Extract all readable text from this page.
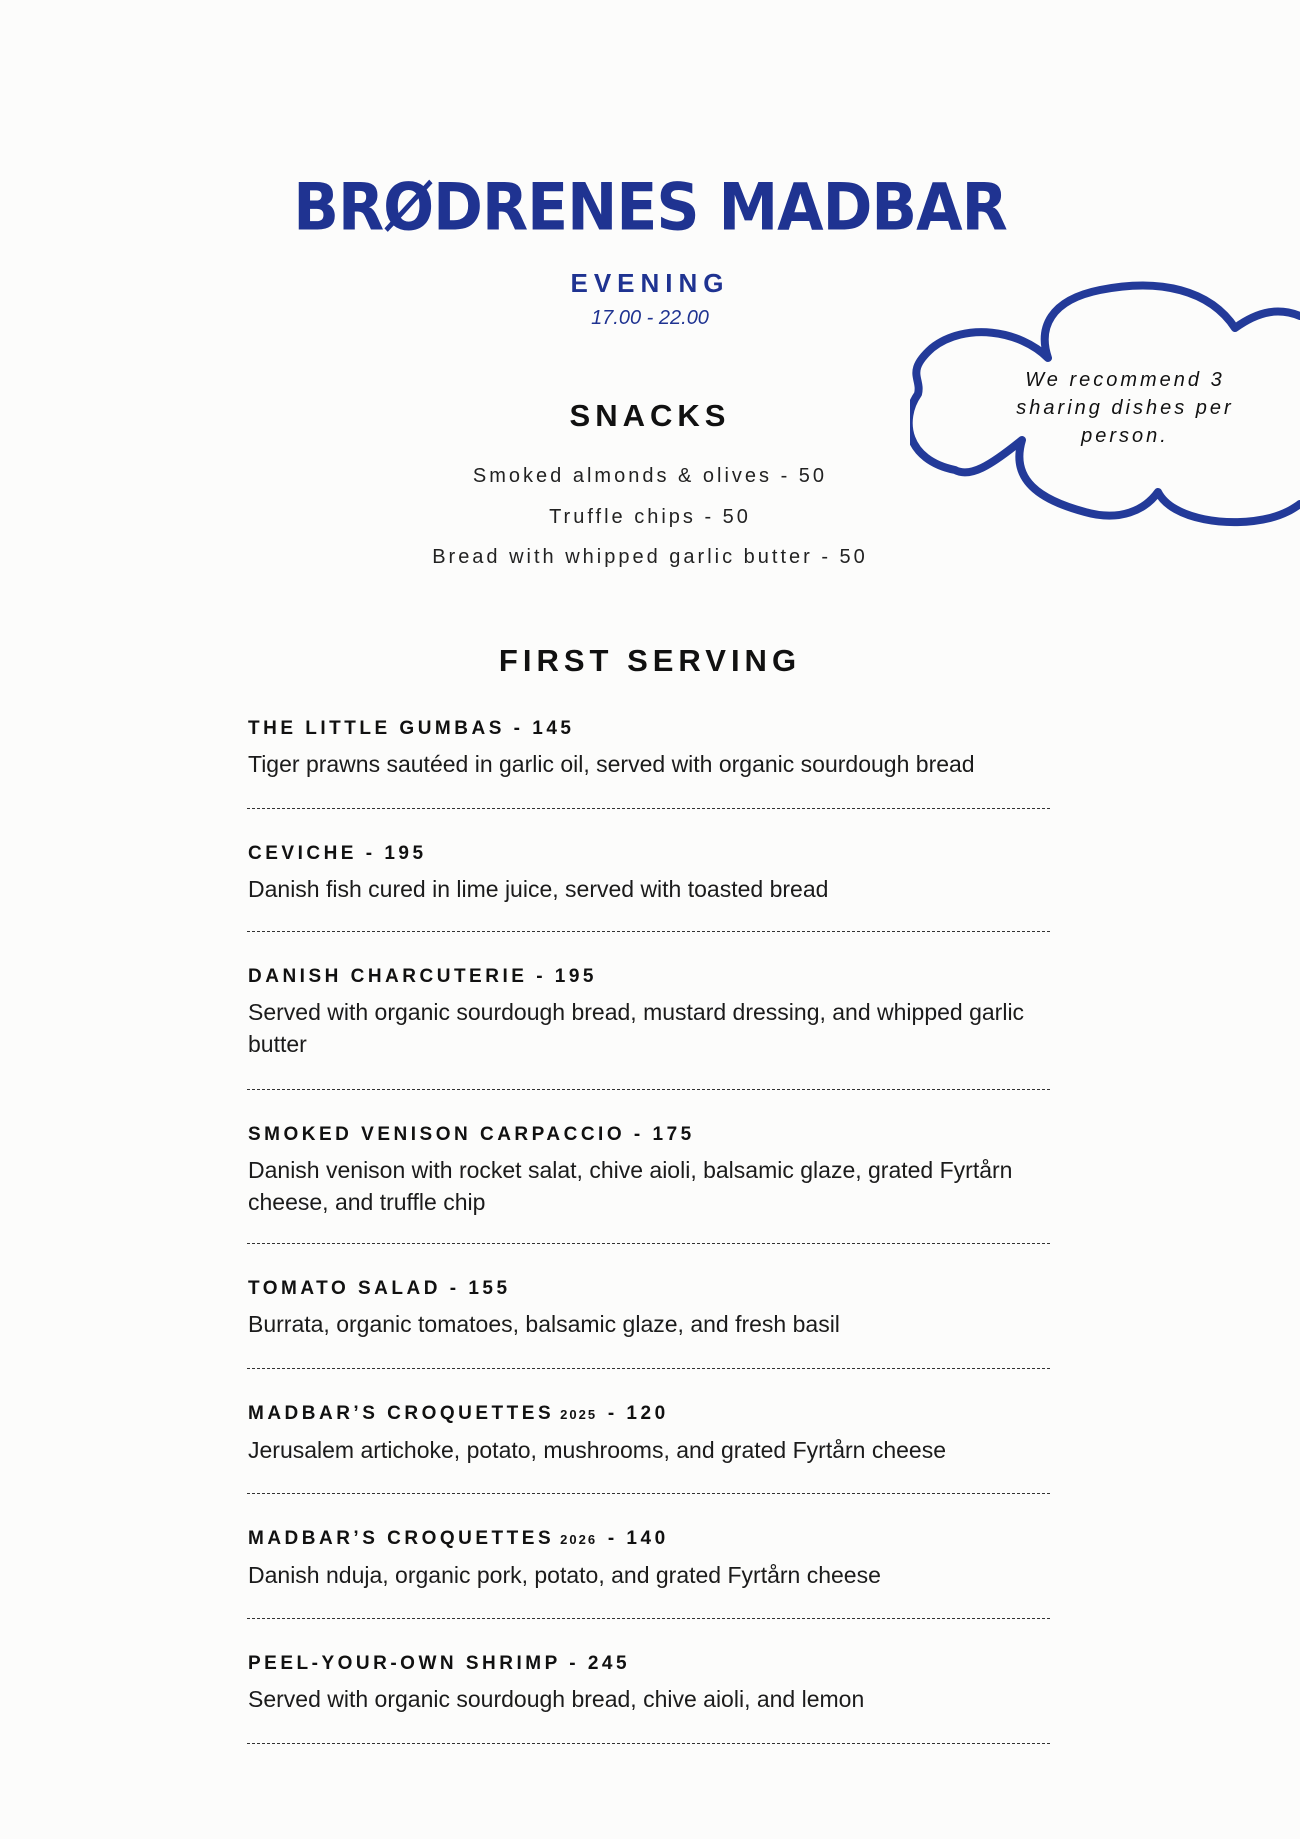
BRØDRENES MADBAR
EVENING
17.00 - 22.00
We recommend 3 sharing dishes per person.
SNACKS
Smoked almonds & olives - 50
Truffle chips - 50
Bread with whipped garlic butter - 50
FIRST SERVING
THE LITTLE GUMBAS - 145
Tiger prawns sautéed in garlic oil, served with organic sourdough bread
CEVICHE - 195
Danish fish cured in lime juice, served with toasted bread
DANISH CHARCUTERIE - 195
Served with organic sourdough bread, mustard dressing, and whipped garlic butter
SMOKED VENISON CARPACCIO - 175
Danish venison with rocket salat, chive aioli, balsamic glaze, grated Fyrtårn cheese, and truffle chip
TOMATO SALAD - 155
Burrata, organic tomatoes, balsamic glaze, and fresh basil
MADBAR’S CROQUETTES 2025 - 120
Jerusalem artichoke, potato, mushrooms, and grated Fyrtårn cheese
MADBAR’S CROQUETTES 2026 - 140
Danish nduja, organic pork, potato, and grated Fyrtårn cheese
PEEL-YOUR-OWN SHRIMP - 245
Served with organic sourdough bread, chive aioli, and lemon
